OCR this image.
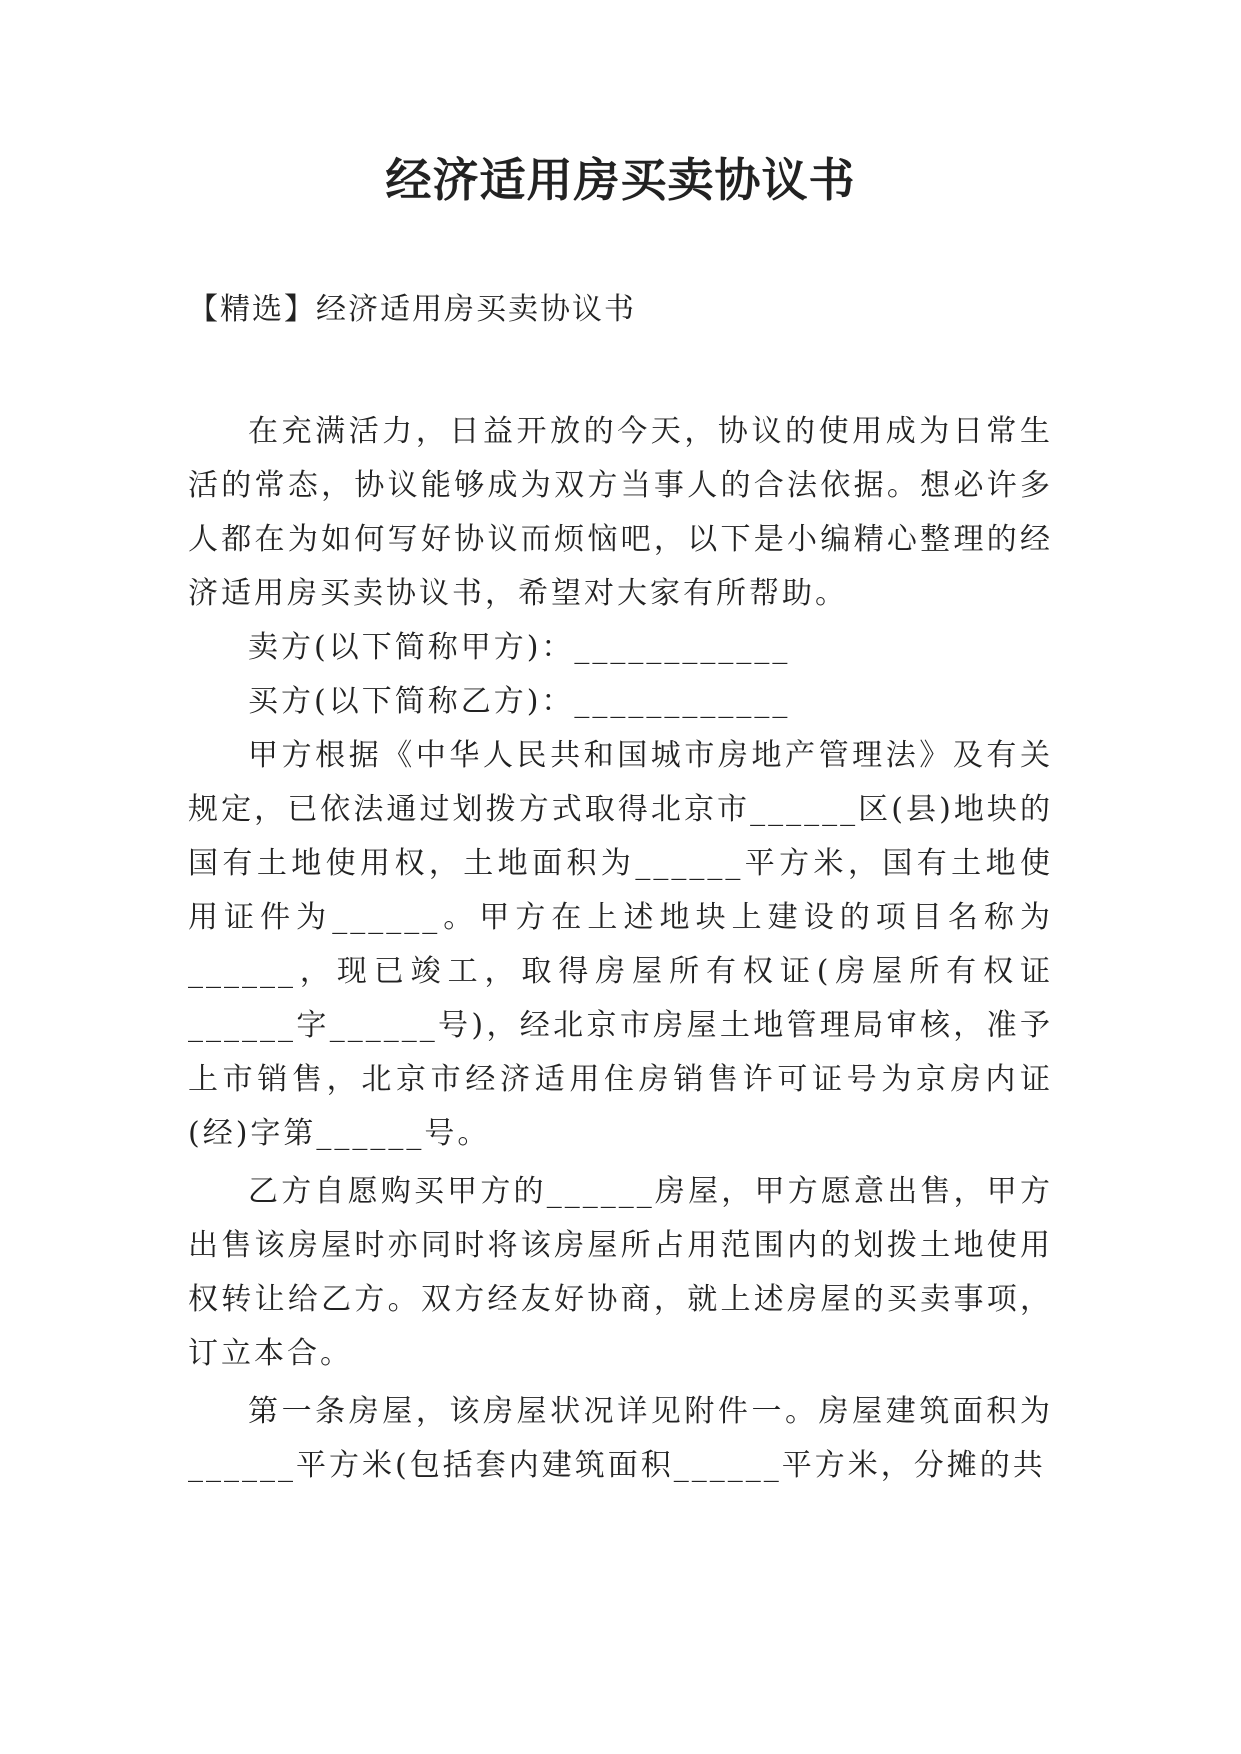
经济适用房买卖协议书
【精选】经济适用房买卖协议书

在充满活力，日益开放的今天，协议的使用成为日常生活的常态，协议能够成为双方当事人的合法依据。想必许多人都在为如何写好协议而烦恼吧，以下是小编精心整理的经济适用房买卖协议书，希望对大家有所帮助。

卖方(以下简称甲方)：____________

买方(以下简称乙方)：____________

甲方根据《中华人民共和国城市房地产管理法》及有关规定，已依法通过划拨方式取得北京市______区(县)地块的国有土地使用权，土地面积为______平方米，国有土地使用证件为______。甲方在上述地块上建设的项目名称为______，现已竣工，取得房屋所有权证(房屋所有权证______字______号)，经北京市房屋土地管理局审核，准予上市销售，北京市经济适用住房销售许可证号为京房内证(经)字第______号。

乙方自愿购买甲方的______房屋，甲方愿意出售，甲方出售该房屋时亦同时将该房屋所占用范围内的划拨土地使用权转让给乙方。双方经友好协商，就上述房屋的买卖事项，订立本合。

第一条房屋，该房屋状况详见附件一。房屋建筑面积为______平方米(包括套内建筑面积______平方米，分摊的共
